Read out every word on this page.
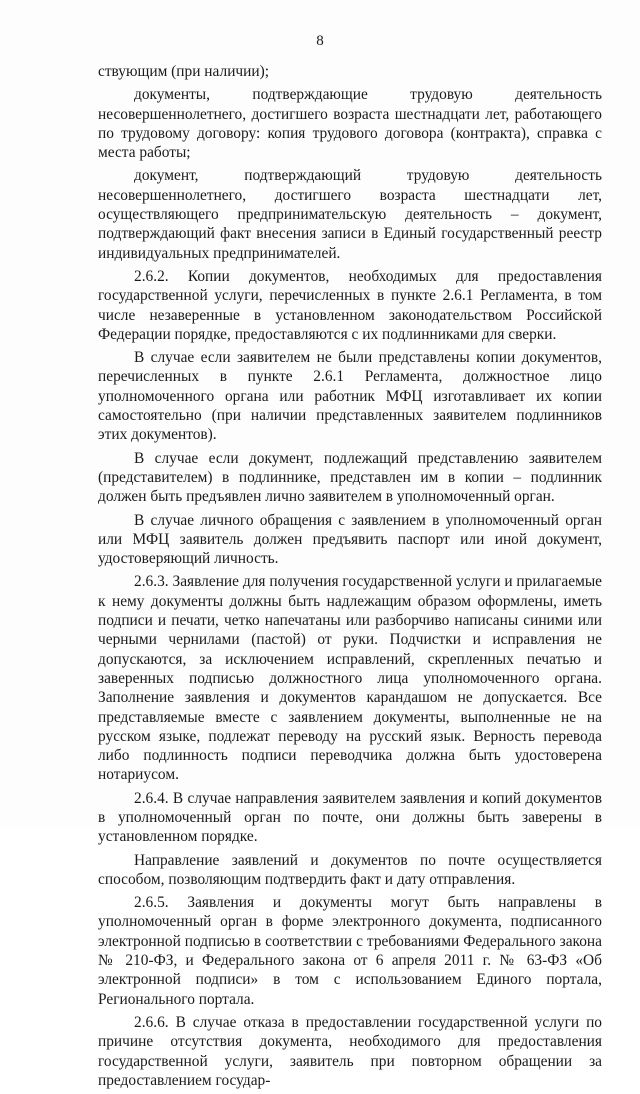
8

ствующим (при наличии);

документы, подтверждающие трудовую деятельность несовершеннолетнего, достигшего возраста шестнадцати лет, работающего по трудовому договору: копия трудового договора (контракта), справка с места работы;

документ, подтверждающий трудовую деятельность несовершеннолетнего, достигшего возраста шестнадцати лет, осуществляющего предпринимательскую деятельность – документ, подтверждающий факт внесения записи в Единый государственный реестр индивидуальных предпринимателей.

2.6.2. Копии документов, необходимых для предоставления государственной услуги, перечисленных в пункте 2.6.1 Регламента, в том числе незаверенные в установленном законодательством Российской Федерации порядке, предоставляются с их подлинниками для сверки.

В случае если заявителем не были представлены копии документов, перечисленных в пункте 2.6.1 Регламента, должностное лицо уполномоченного органа или работник МФЦ изготавливает их копии самостоятельно (при наличии представленных заявителем подлинников этих документов).

В случае если документ, подлежащий представлению заявителем (представителем) в подлиннике, представлен им в копии – подлинник должен быть предъявлен лично заявителем в уполномоченный орган.

В случае личного обращения с заявлением в уполномоченный орган или МФЦ заявитель должен предъявить паспорт или иной документ, удостоверяющий личность.

2.6.3. Заявление для получения государственной услуги и прилагаемые к нему документы должны быть надлежащим образом оформлены, иметь подписи и печати, четко напечатаны или разборчиво написаны синими или черными чернилами (пастой) от руки. Подчистки и исправления не допускаются, за исключением исправлений, скрепленных печатью и заверенных подписью должностного лица уполномоченного органа. Заполнение заявления и документов карандашом не допускается. Все представляемые вместе с заявлением документы, выполненные не на русском языке, подлежат переводу на русский язык. Верность перевода либо подлинность подписи переводчика должна быть удостоверена нотариусом.

2.6.4. В случае направления заявителем заявления и копий документов в уполномоченный орган по почте, они должны быть заверены в установленном порядке.

Направление заявлений и документов по почте осуществляется способом, позволяющим подтвердить факт и дату отправления.

2.6.5. Заявления и документы могут быть направлены в уполномоченный орган в форме электронного документа, подписанного электронной подписью в соответствии с требованиями Федерального закона № 210-ФЗ, и Федерального закона от 6 апреля 2011 г. № 63-ФЗ «Об электронной подписи» в том с использованием Единого портала, Регионального портала.

2.6.6. В случае отказа в предоставлении государственной услуги по причине отсутствия документа, необходимого для предоставления государственной услуги, заявитель при повторном обращении за предоставлением государ-
